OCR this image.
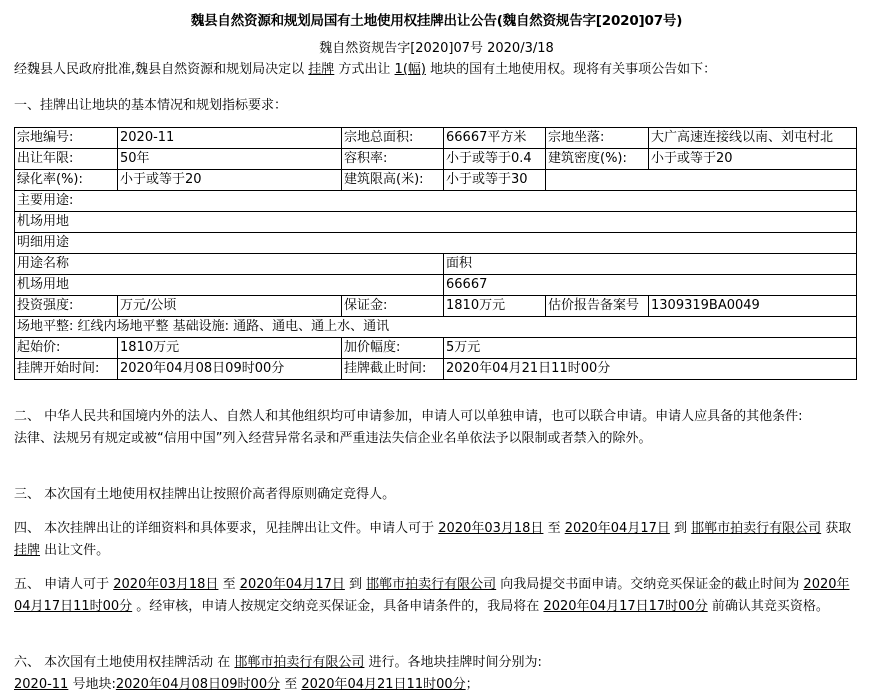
魏县自然资源和规划局国有土地使用权挂牌出让公告(魏自然资规告字[2020]07号)
魏自然资规告字[2020]07号 2020/3/18
经魏县人民政府批准,魏县自然资源和规划局决定以 挂牌 方式出让 1(幅) 地块的国有土地使用权。现将有关事项公告如下：
一、挂牌出让地块的基本情况和规划指标要求：
宗地编号:	2020-11	宗地总面积:	66667平方米	宗地坐落:	大广高速连接线以南、刘屯村北
出让年限:	50年	容积率:	小于或等于0.4	建筑密度(%):	小于或等于20
绿化率(%):	小于或等于20	建筑限高(米):	小于或等于30		
主要用途:					
机场用地					
明细用途					
用途名称			面积		
机场用地			66667		
投资强度:	万元/公顷	保证金:	1810万元	估价报告备案号	1309319BA0049
场地平整: 红线内场地平整 基础设施: 通路、通电、通上水、通讯					
起始价:	1810万元	加价幅度:	5万元		
挂牌开始时间:	2020年04月08日09时00分	挂牌截止时间:	2020年04月21日11时00分		
二、 中华人民共和国境内外的法人、自然人和其他组织均可申请参加，申请人可以单独申请，也可以联合申请。申请人应具备的其他条件:
法律、法规另有规定或被“信用中国”列入经营异常名录和严重违法失信企业名单依法予以限制或者禁入的除外。
三、 本次国有土地使用权挂牌出让按照价高者得原则确定竞得人。
四、 本次挂牌出让的详细资料和具体要求，见挂牌出让文件。申请人可于 2020年03月18日 至 2020年04月17日 到 邯郸市拍卖行有限公司 获取 挂牌 出让文件。
五、 申请人可于 2020年03月18日 至 2020年04月17日 到 邯郸市拍卖行有限公司 向我局提交书面申请。交纳竞买保证金的截止时间为 2020年04月17日11时00分 。经审核，申请人按规定交纳竞买保证金，具备申请条件的，我局将在 2020年04月17日17时00分 前确认其竞买资格。
六、 本次国有土地使用权挂牌活动 在 邯郸市拍卖行有限公司 进行。各地块挂牌时间分别为:
2020-11 号地块:2020年04月08日09时00分 至 2020年04月21日11时00分；
